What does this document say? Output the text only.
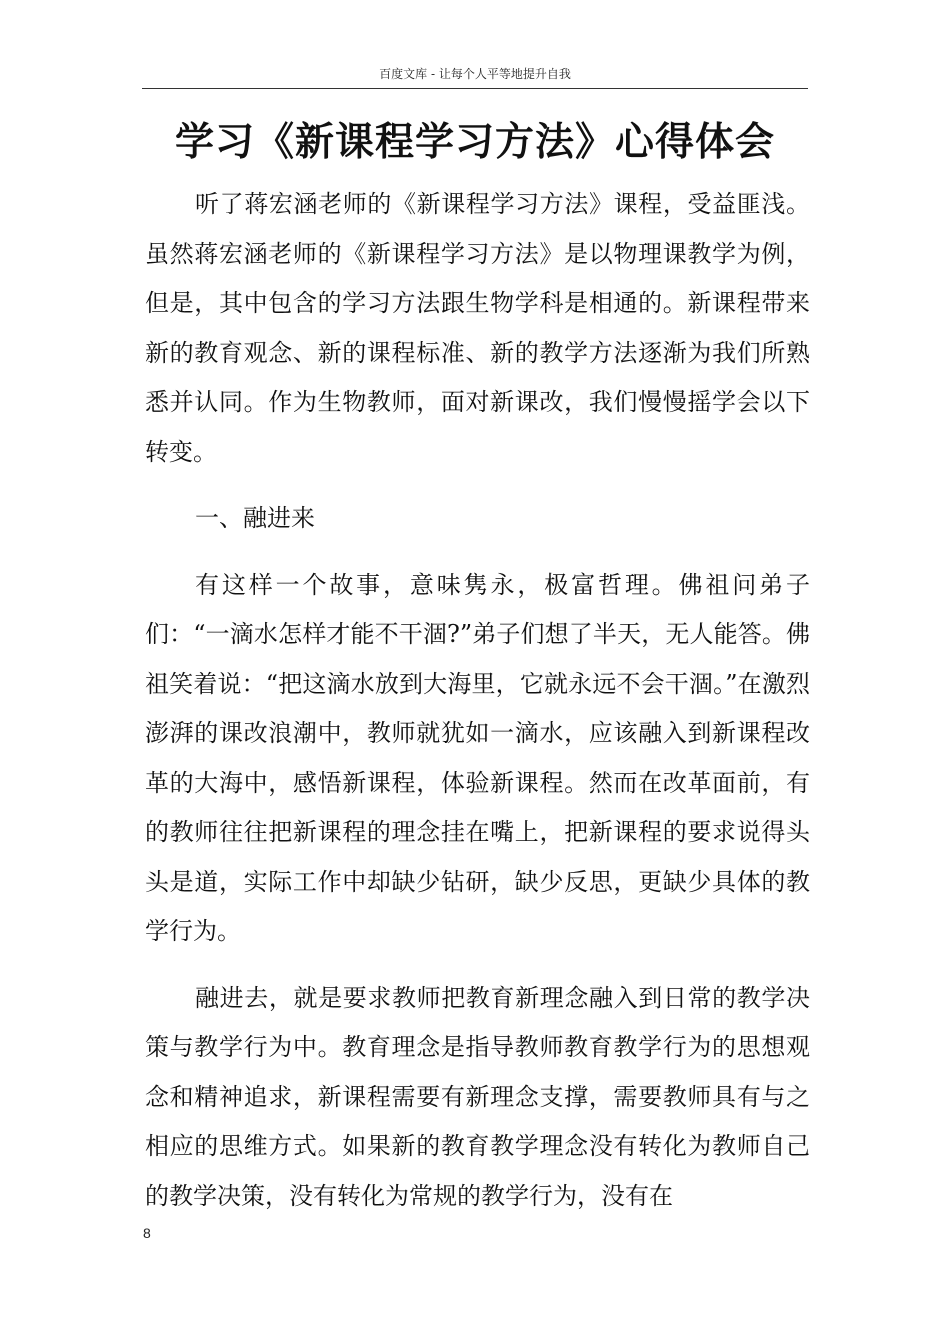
百度文库 - 让每个人平等地提升自我
学习《新课程学习方法》心得体会

听了蒋宏涵老师的《新课程学习方法》课程，受益匪浅。虽然蒋宏涵老师的《新课程学习方法》是以物理课教学为例，但是，其中包含的学习方法跟生物学科是相通的。新课程带来新的教育观念、新的课程标准、新的教学方法逐渐为我们所熟悉并认同。作为生物教师，面对新课改，我们慢慢摇学会以下转变。

一、融进来

有这样一个故事，意味隽永，极富哲理。佛祖问弟子们：“一滴水怎样才能不干涸?”弟子们想了半天，无人能答。佛祖笑着说：“把这滴水放到大海里，它就永远不会干涸。”在激烈澎湃的课改浪潮中，教师就犹如一滴水，应该融入到新课程改革的大海中，感悟新课程，体验新课程。然而在改革面前，有的教师往往把新课程的理念挂在嘴上，把新课程的要求说得头头是道，实际工作中却缺少钻研，缺少反思，更缺少具体的教学行为。

融进去，就是要求教师把教育新理念融入到日常的教学决策与教学行为中。教育理念是指导教师教育教学行为的思想观念和精神追求，新课程需要有新理念支撑，需要教师具有与之相应的思维方式。如果新的教育教学理念没有转化为教师自己的教学决策，没有转化为常规的教学行为，没有在

8
